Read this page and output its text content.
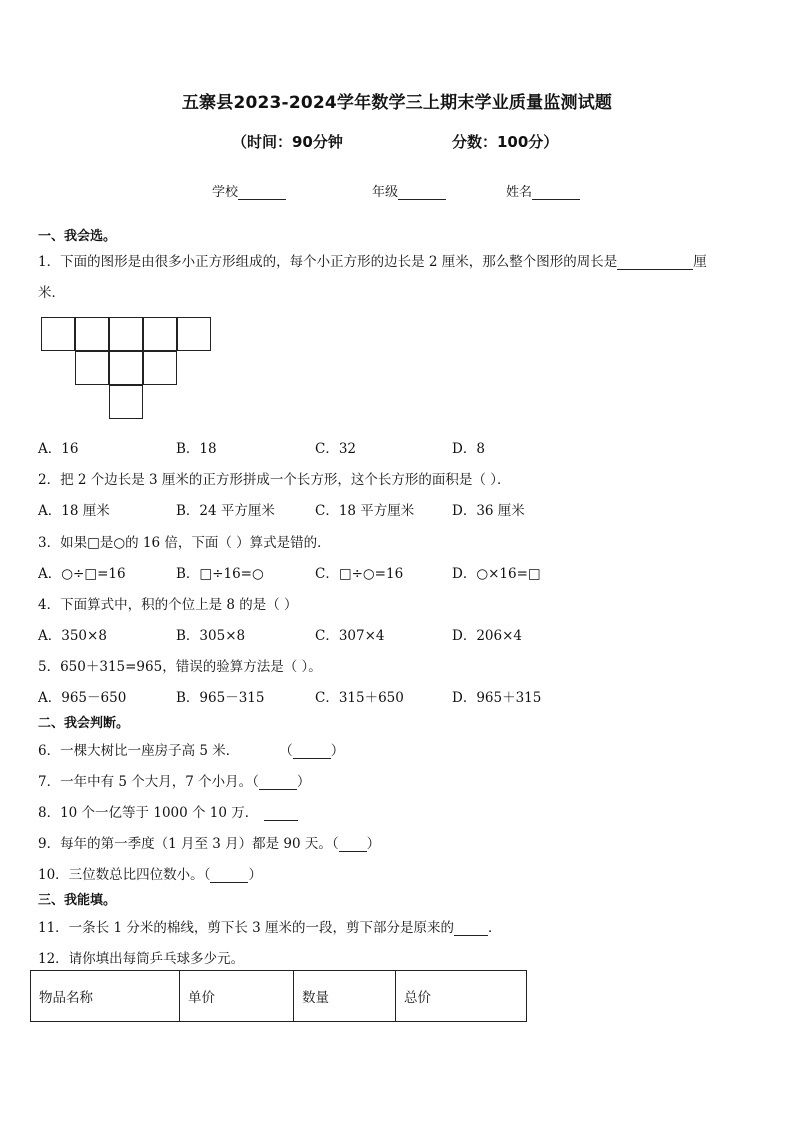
五寨县2023-2024学年数学三上期末学业质量监测试题
（时间：90分钟	分数：100分）
学校	年级	姓名
一、我会选。
1．下面的图形是由很多小正方形组成的，每个小正方形的边长是 2 厘米，那么整个图形的周长是	厘
米．
A．16	B．18	C．32	D．8
2．把 2 个边长是 3 厘米的正方形拼成一个长方形，这个长方形的面积是（ ）．
A．18 厘米	B．24 平方厘米	C．18 平方厘米	D．36 厘米
3．如果□是○的 16 倍，下面（ ）算式是错的．
A．○÷□=16	B．□÷16=○	C．□÷○=16	D．○×16=□
4．下面算式中，积的个位上是 8 的是（ ）
A．350×8	B．305×8	C．307×4	D．206×4
5．650＋315=965，错误的验算方法是（ ）。
A．965－650	B．965－315	C．315＋650	D．965＋315
二、我会判断。
6．一棵大树比一座房子高 5 米．	（	）
7．一年中有 5 个大月，7 个小月。（	）
8．10 个一亿等于 1000 个 10 万．
9．每年的第一季度（1 月至 3 月）都是 90 天。（ ）
10．三位数总比四位数小。（	）
三、我能填。
11．一条长 1 分米的棉线，剪下长 3 厘米的一段，剪下部分是原来的	．
12．请你填出每筒乒乓球多少元。
物品名称	单价	数量	总价
